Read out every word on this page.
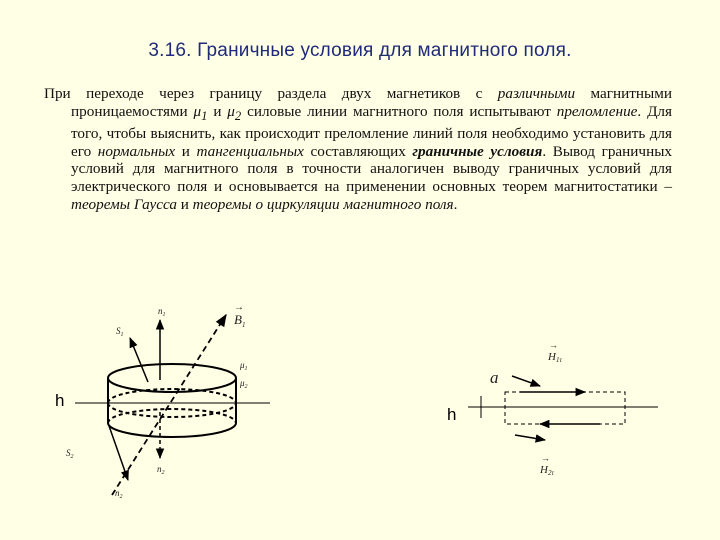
3.16. Граничные условия для магнитного поля.

При переходе через границу раздела двух магнетиков с различными магнитными проницаемостями $\mu_1$ и $\mu_2$ силовые линии магнитного поля испытывают преломление. Для того, чтобы выяснить, как происходит преломление линий поля необходимо установить для его нормальных и тангенциальных составляющих граничные условия. Вывод граничных условий для магнитного поля в точности аналогичен выводу граничных условий для электрического поля и основывается на применении основных теорем магнитостатики – теоремы Гаусса и теоремы о циркуляции магнитного поля.

$n_1$	$B_1$
→
$S_1$
$\mu_1$
$\mu_2$
h
$S_2$
$n_2$
$n_2$
H1τ
→
a
h
H2τ
→
